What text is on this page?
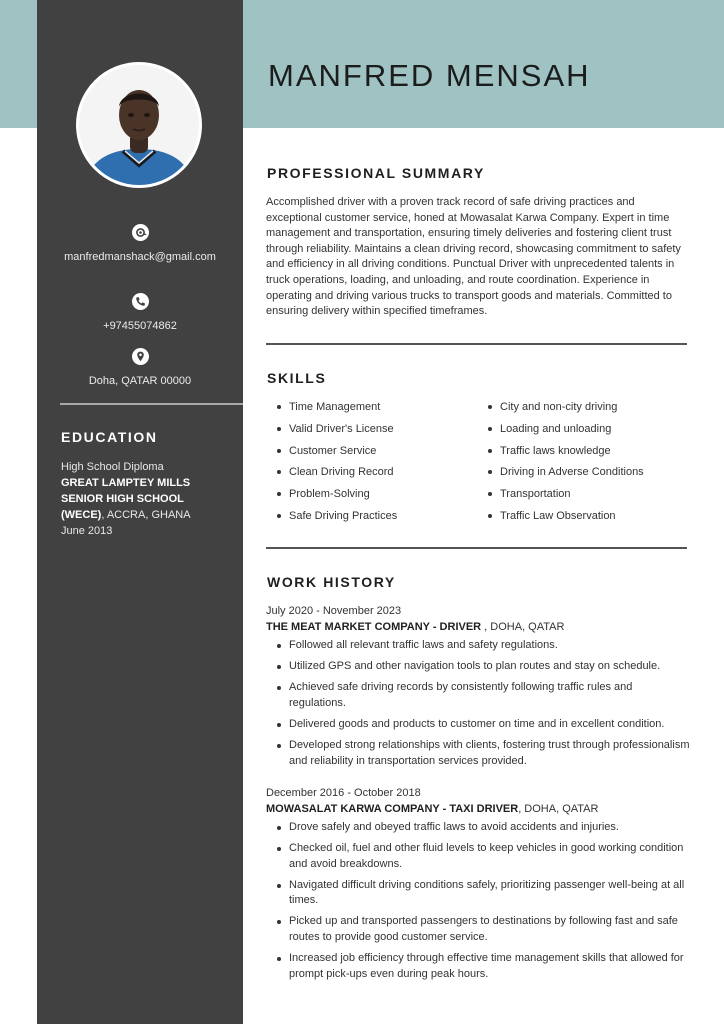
manfredmanshack@gmail.com
+97455074862
Doha, QATAR 00000
EDUCATION
High School Diploma
GREAT LAMPTEY MILLS SENIOR HIGH SCHOOL (WECE), ACCRA, GHANA
June 2013
MANFRED MENSAH
PROFESSIONAL SUMMARY

Accomplished driver with a proven track record of safe driving practices and exceptional customer service, honed at Mowasalat Karwa Company. Expert in time management and transportation, ensuring timely deliveries and fostering client trust through reliability. Maintains a clean driving record, showcasing commitment to safety and efficiency in all driving conditions. Punctual Driver with unprecedented talents in truck operations, loading, and unloading, and route coordination. Experience in operating and driving various trucks to transport goods and materials. Committed to ensuring delivery within specified timeframes.

SKILLS
Time Management
Valid Driver's License
Customer Service
Clean Driving Record
Problem-Solving
Safe Driving Practices
City and non-city driving
Loading and unloading
Traffic laws knowledge
Driving in Adverse Conditions
Transportation
Traffic Law Observation
WORK HISTORY
July 2020 - November 2023
THE MEAT MARKET COMPANY - DRIVER , DOHA, QATAR
Followed all relevant traffic laws and safety regulations.
Utilized GPS and other navigation tools to plan routes and stay on schedule.
Achieved safe driving records by consistently following traffic rules and regulations.
Delivered goods and products to customer on time and in excellent condition.
Developed strong relationships with clients, fostering trust through professionalism and reliability in transportation services provided.
December 2016 - October 2018
MOWASALAT KARWA COMPANY - TAXI DRIVER, DOHA, QATAR
Drove safely and obeyed traffic laws to avoid accidents and injuries.
Checked oil, fuel and other fluid levels to keep vehicles in good working condition and avoid breakdowns.
Navigated difficult driving conditions safely, prioritizing passenger well-being at all times.
Picked up and transported passengers to destinations by following fast and safe routes to provide good customer service.
Increased job efficiency through effective time management skills that allowed for prompt pick-ups even during peak hours.
